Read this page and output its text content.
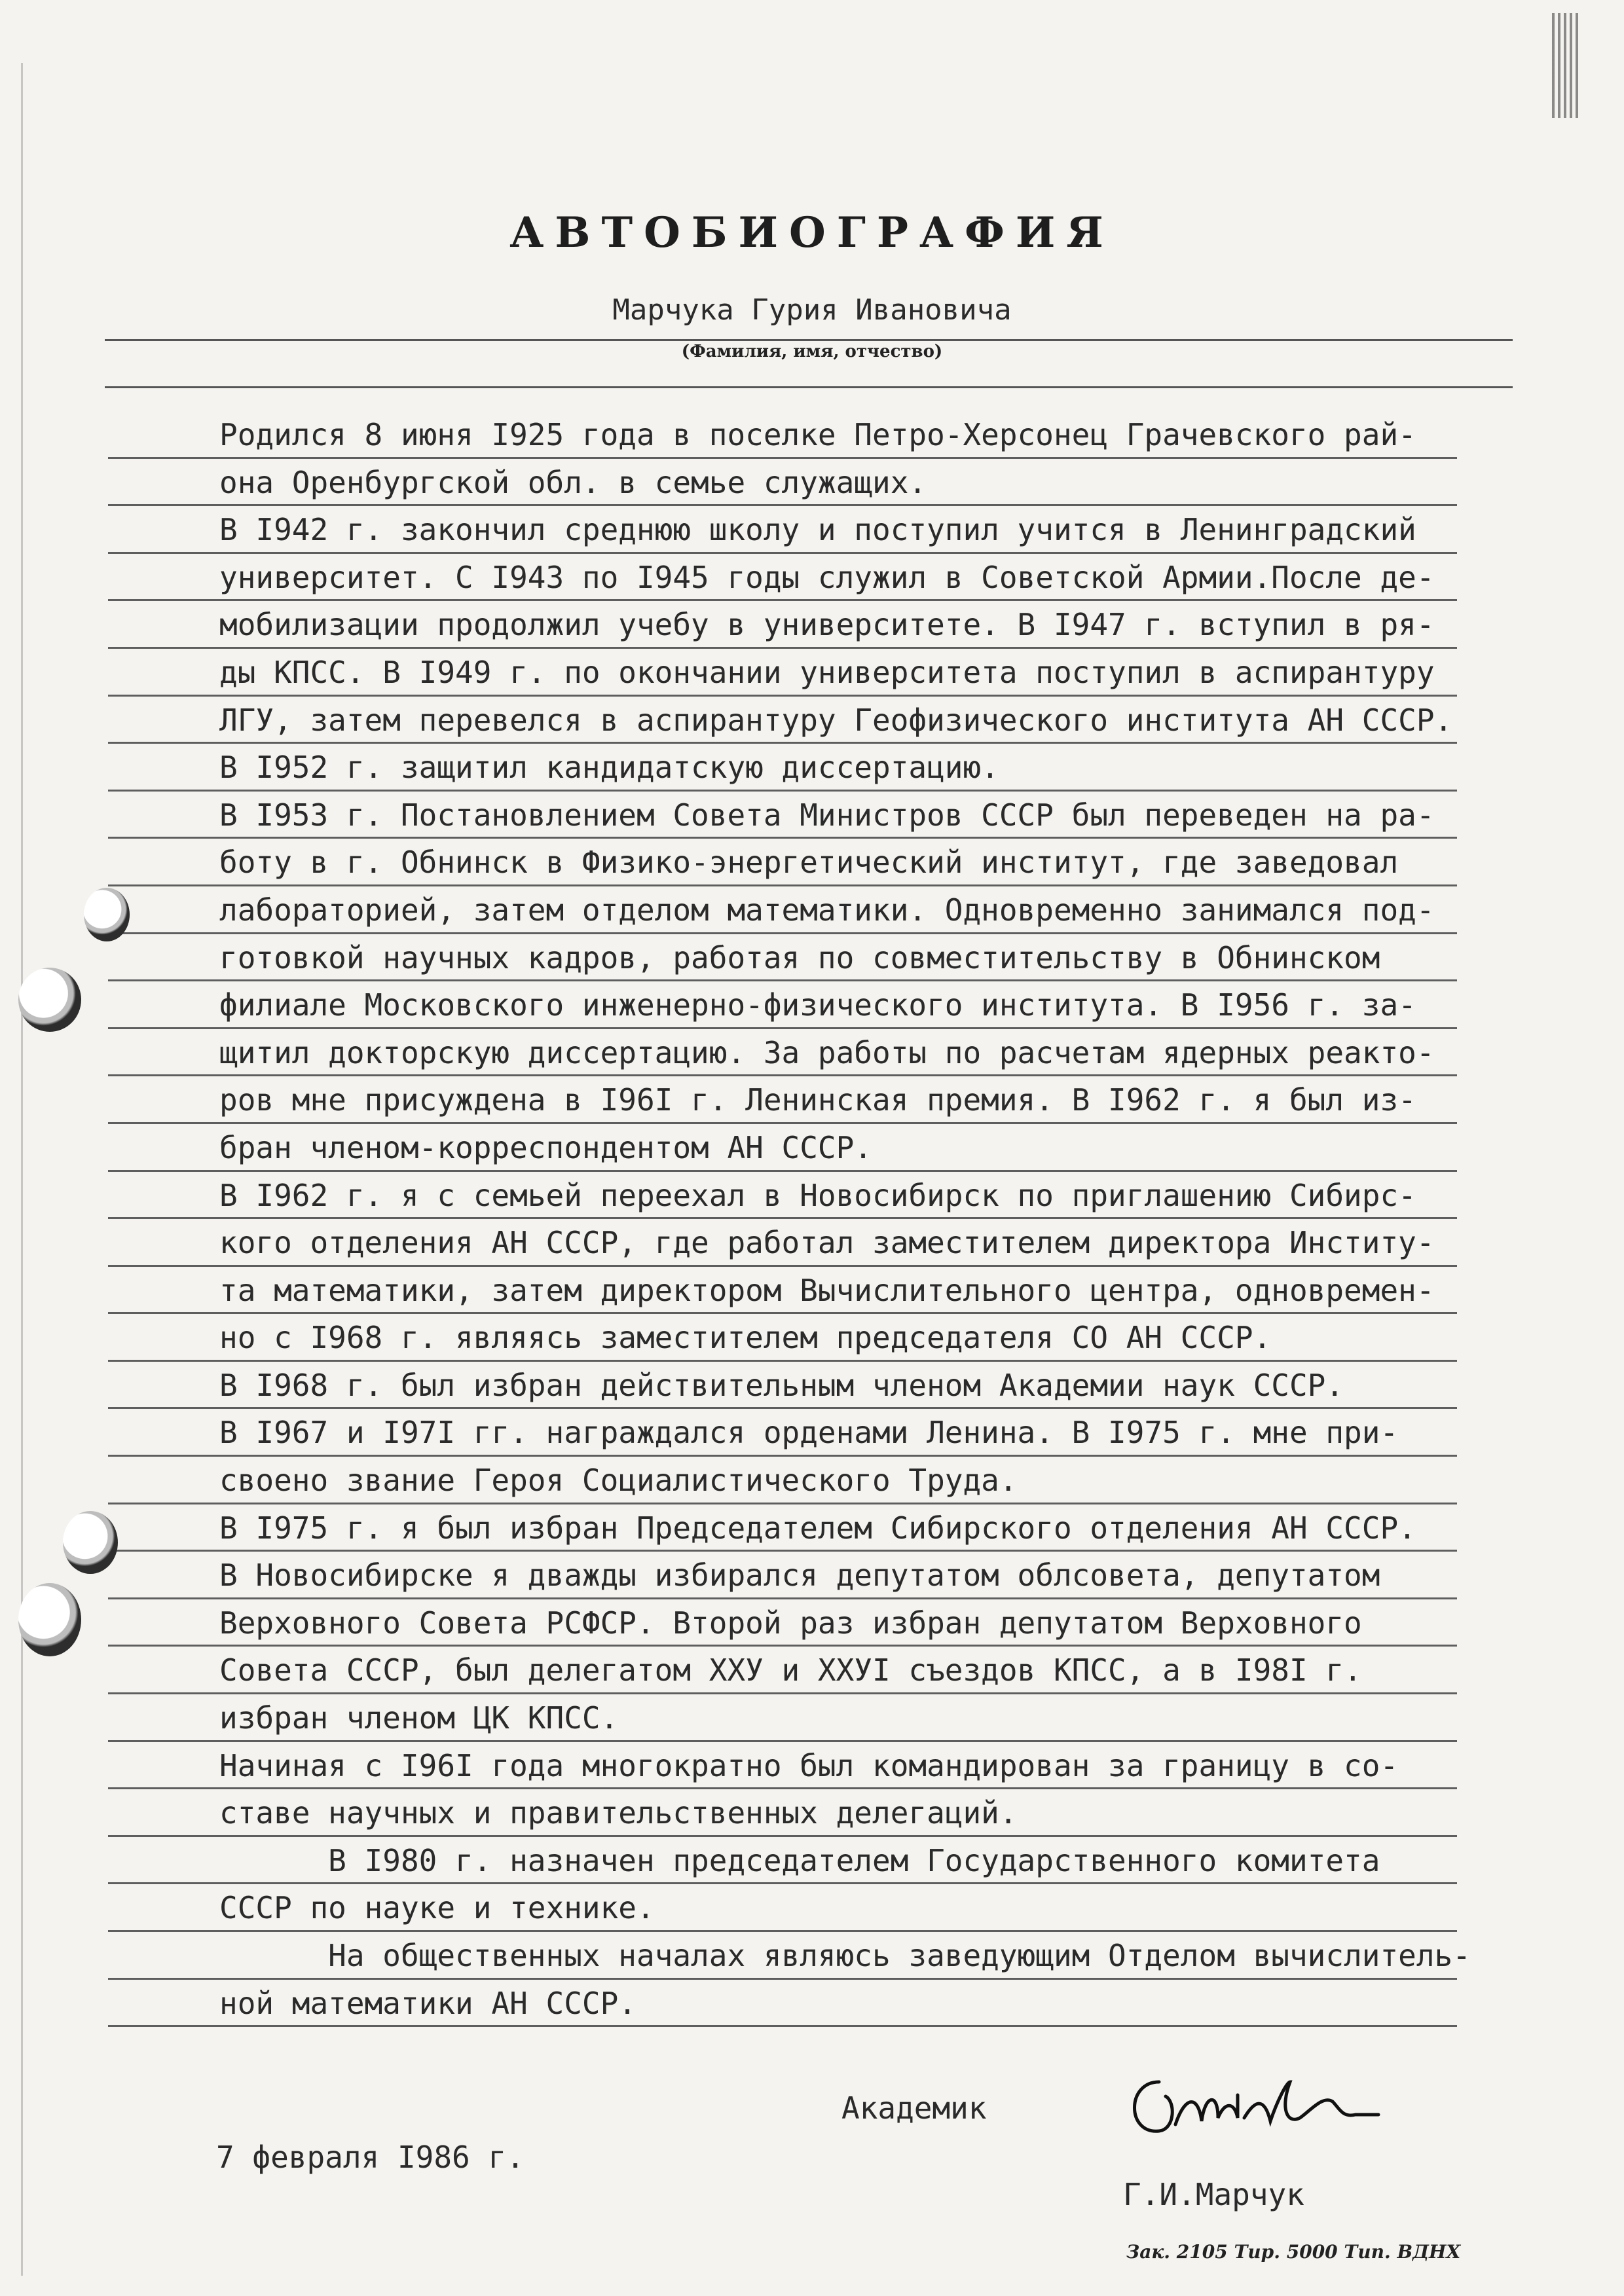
АВТОБИОГРАФИЯ
Марчука Гурия Ивановича
(Фамилия, имя, отчество)
Родился 8 июня I925 года в поселке Петро-Херсонец Грачевского рай-
она Оренбургской обл. в семье служащих.
В I942 г. закончил среднюю школу и поступил учится в Ленинградский
университет. С I943 по I945 годы служил в Советской Армии.После де-
мобилизации продолжил учебу в университете. В I947 г. вступил в ря-
ды КПСС. В I949 г. по окончании университета поступил в аспирантуру
ЛГУ, затем перевелся в аспирантуру Геофизического института АН СССР.
В I952 г. защитил кандидатскую диссертацию.
В I953 г. Постановлением Совета Министров СССР был переведен на ра-
боту в г. Обнинск в Физико-энергетический институт, где заведовал
лабораторией, затем отделом математики. Одновременно занимался под-
готовкой научных кадров, работая по совместительству в Обнинском
филиале Московского инженерно-физического института. В I956 г. за-
щитил докторскую диссертацию. За работы по расчетам ядерных реакто-
ров мне присуждена в I96I г. Ленинская премия. В I962 г. я был из-
бран членом-корреспондентом АН СССР.
В I962 г. я с семьей переехал в Новосибирск по приглашению Сибирс-
кого отделения АН СССР, где работал заместителем директора Институ-
та математики, затем директором Вычислительного центра, одновремен-
но с I968 г. являясь заместителем председателя СО АН СССР.
В I968 г. был избран действительным членом Академии наук СССР.
В I967 и I97I гг. награждался орденами Ленина. В I975 г. мне при-
своено звание Героя Социалистического Труда.
В I975 г. я был избран Председателем Сибирского отделения АН СССР.
В Новосибирске я дважды избирался депутатом облсовета, депутатом
Верховного Совета РСФСР. Второй раз избран депутатом Верховного
Совета СССР, был делегатом XXУ и XXУI съездов КПСС, а в I98I г.
избран членом ЦК КПСС.
Начиная с I96I года многократно был командирован за границу в со-
ставе научных и правительственных делегаций.
В I980 г. назначен председателем Государственного комитета
СССР по науке и технике.
На общественных началах являюсь заведующим Отделом вычислитель-
ной математики АН СССР.
Академик
7 февраля I986 г.
Г.И.Марчук
Зак. 2105 Тир. 5000 Тип. ВДНХ
